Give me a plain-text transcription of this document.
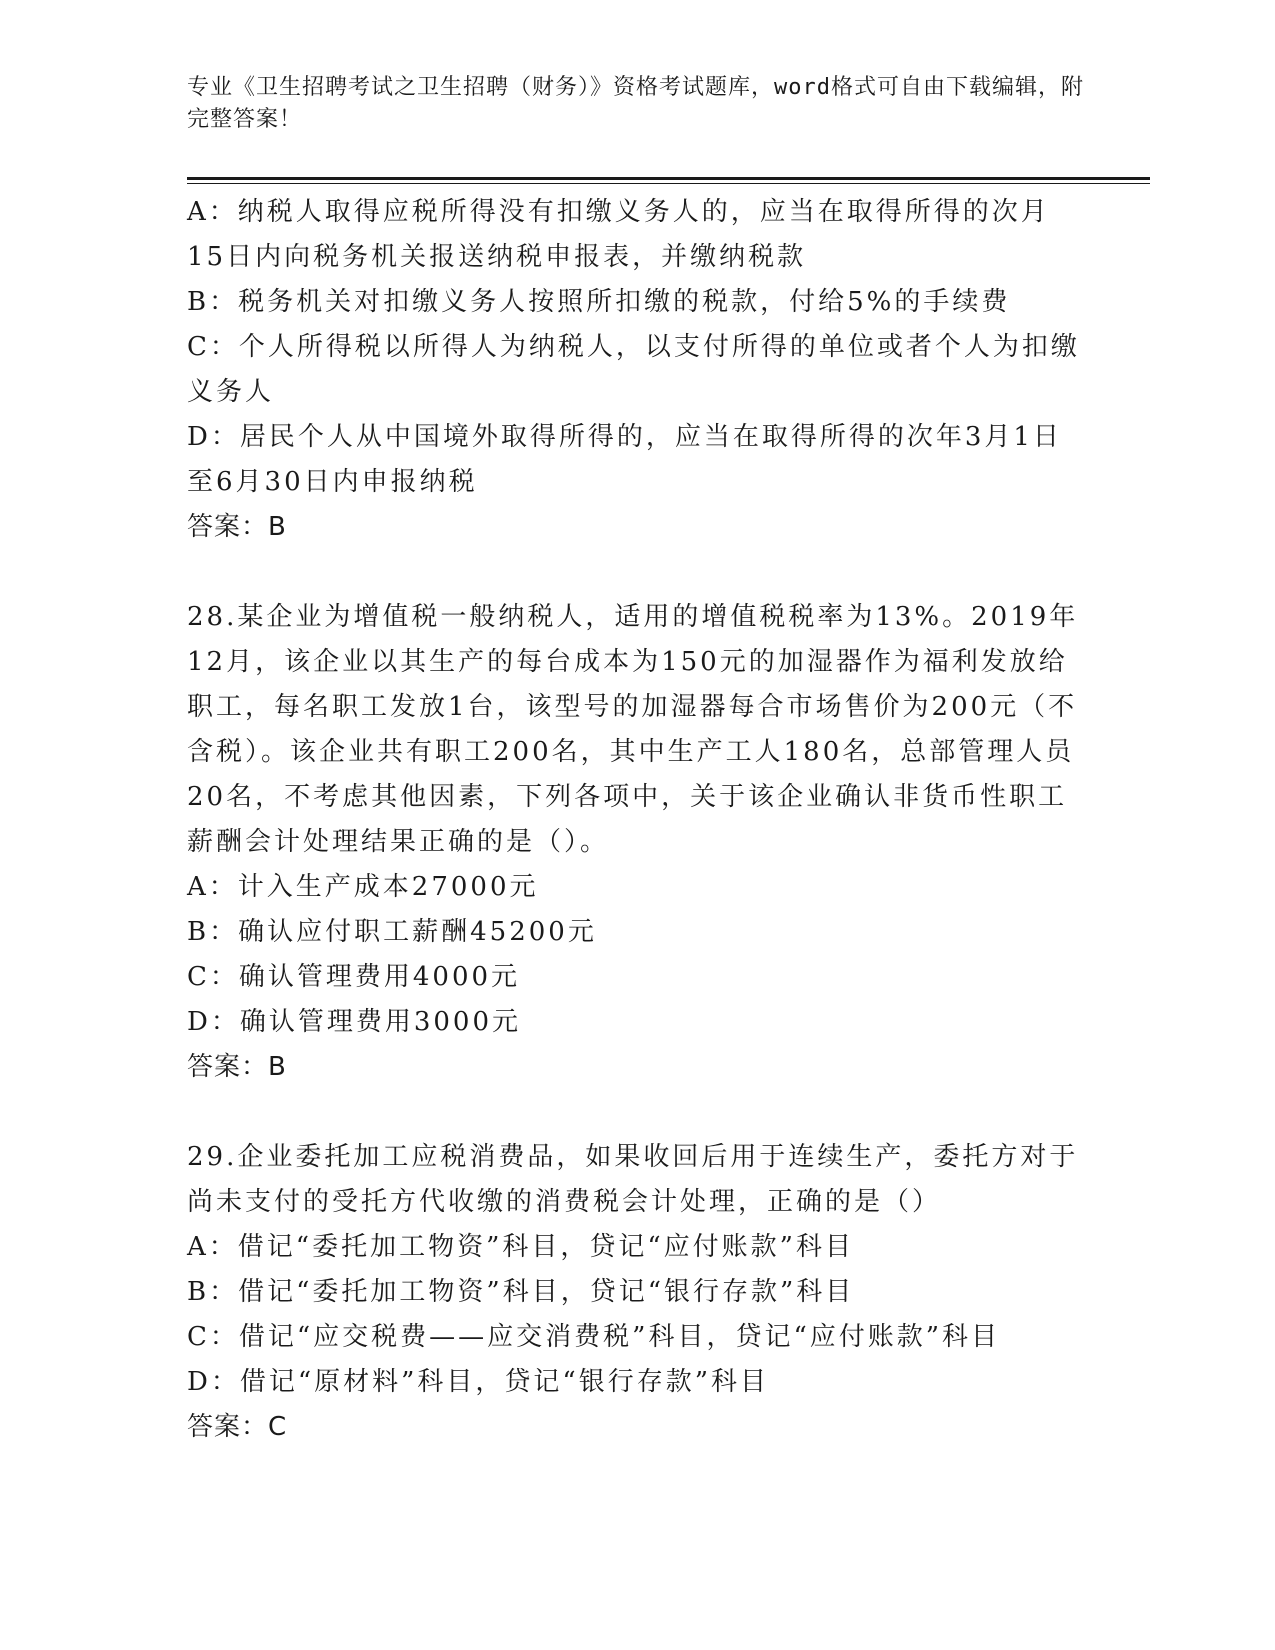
专业《卫生招聘考试之卫生招聘（财务）》资格考试题库，word格式可自由下载编辑，附完整答案！

A：纳税人取得应税所得没有扣缴义务人的，应当在取得所得的次月15日内向税务机关报送纳税申报表，并缴纳税款

B：税务机关对扣缴义务人按照所扣缴的税款，付给5%的手续费

C：个人所得税以所得人为纳税人，以支付所得的单位或者个人为扣缴义务人

D：居民个人从中国境外取得所得的，应当在取得所得的次年3月1日至6月30日内申报纳税

答案：B

28.某企业为增值税一般纳税人，适用的增值税税率为13%。2019年12月，该企业以其生产的每台成本为150元的加湿器作为福利发放给职工，每名职工发放1台，该型号的加湿器每合市场售价为200元（不含税）。该企业共有职工200名，其中生产工人180名，总部管理人员20名，不考虑其他因素，下列各项中，关于该企业确认非货币性职工薪酬会计处理结果正确的是（）。

A：计入生产成本27000元

B：确认应付职工薪酬45200元

C：确认管理费用4000元

D：确认管理费用3000元

答案：B

29.企业委托加工应税消费品，如果收回后用于连续生产，委托方对于尚未支付的受托方代收缴的消费税会计处理，正确的是（）

A：借记“委托加工物资”科目，贷记“应付账款”科目

B：借记“委托加工物资”科目，贷记“银行存款”科目

C：借记“应交税费——应交消费税”科目，贷记“应付账款”科目

D：借记“原材料”科目，贷记“银行存款”科目

答案：C
